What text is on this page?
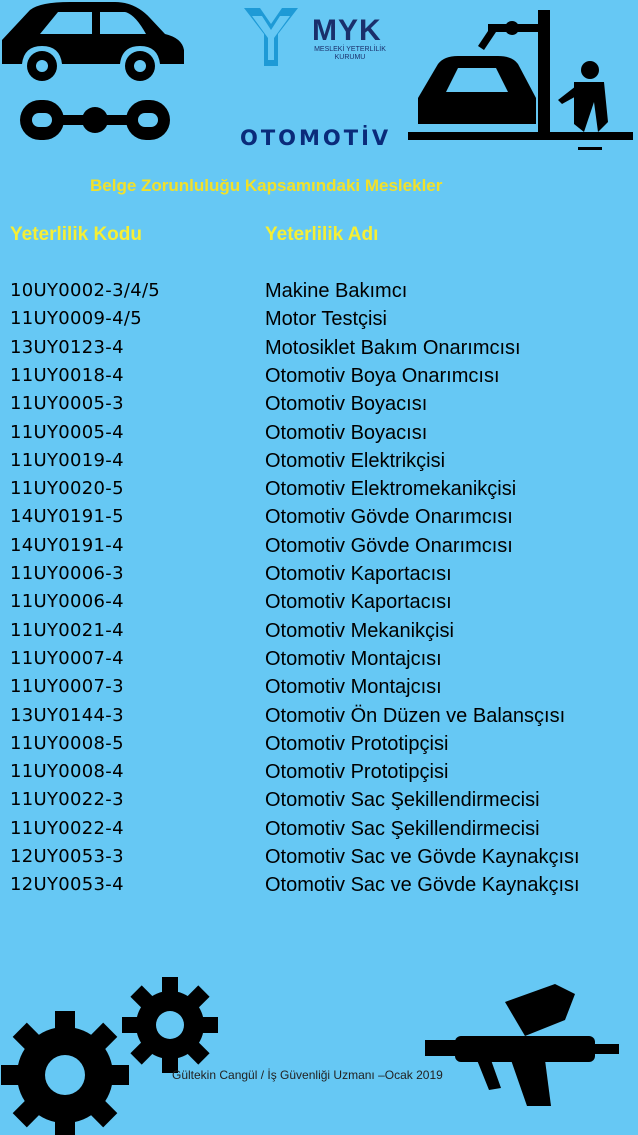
MYK
MESLEKİ YETERLİLİK
KURUMU
OTOMOTİV
Belge Zorunluluğu Kapsamındaki Meslekler
Yeterlilik Kodu	Yeterlilik Adı
10UY0002-3/4/5	Makine Bakımcı
11UY0009-4/5	Motor Testçisi
13UY0123-4	Motosiklet Bakım Onarımcısı
11UY0018-4	Otomotiv Boya Onarımcısı
11UY0005-3	Otomotiv Boyacısı
11UY0005-4	Otomotiv Boyacısı
11UY0019-4	Otomotiv Elektrikçisi
11UY0020-5	Otomotiv Elektromekanikçisi
14UY0191-5	Otomotiv Gövde Onarımcısı
14UY0191-4	Otomotiv Gövde Onarımcısı
11UY0006-3	Otomotiv Kaportacısı
11UY0006-4	Otomotiv Kaportacısı
11UY0021-4	Otomotiv Mekanikçisi
11UY0007-4	Otomotiv Montajcısı
11UY0007-3	Otomotiv Montajcısı
13UY0144-3	Otomotiv Ön Düzen ve Balansçısı
11UY0008-5	Otomotiv Prototipçisi
11UY0008-4	Otomotiv Prototipçisi
11UY0022-3	Otomotiv Sac Şekillendirmecisi
11UY0022-4	Otomotiv Sac Şekillendirmecisi
12UY0053-3	Otomotiv Sac ve Gövde Kaynakçısı
12UY0053-4	Otomotiv Sac ve Gövde Kaynakçısı
Gültekin Cangül / İş Güvenliği Uzmanı –Ocak 2019
